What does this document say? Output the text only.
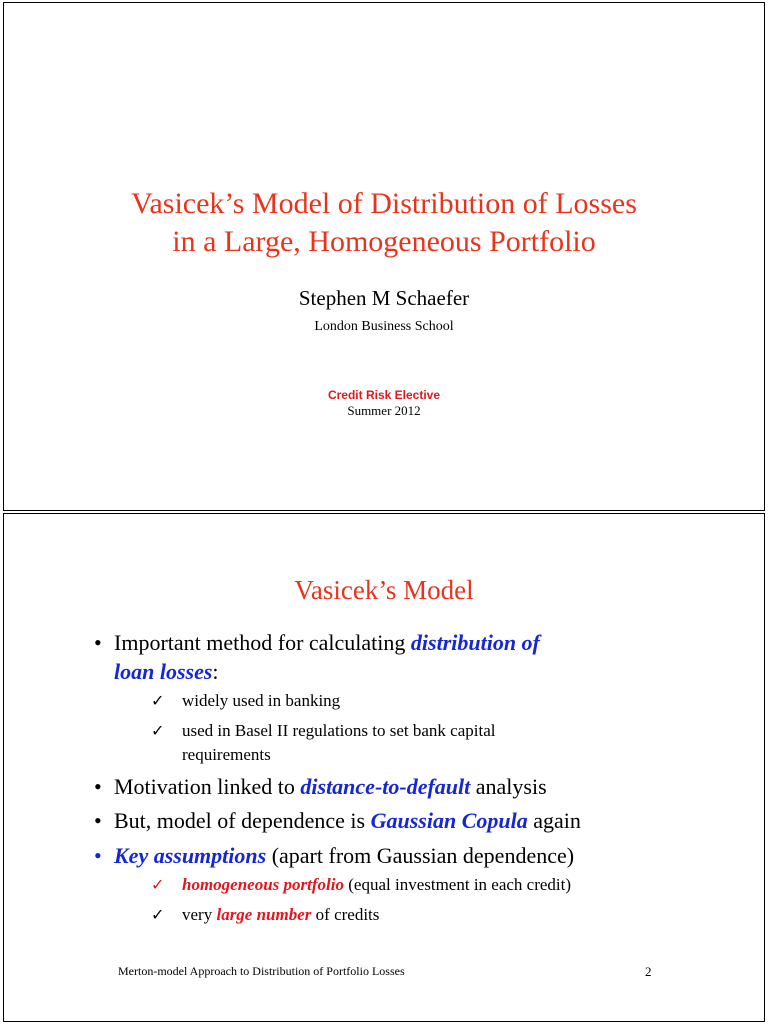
Vasicek’s Model of Distribution of Losses
in a Large, Homogeneous Portfolio
Stephen M Schaefer
London Business School
Credit Risk Elective
Summer 2012
Vasicek’s Model
• Important method for calculating distribution of
loan losses:
✓ widely used in banking
✓ used in Basel II regulations to set bank capital
requirements
• Motivation linked to distance-to-default analysis
• But, model of dependence is Gaussian Copula again
• Key assumptions (apart from Gaussian dependence)
✓ homogeneous portfolio (equal investment in each credit)
✓ very large number of credits
Merton-model Approach to Distribution of Portfolio Losses	2
